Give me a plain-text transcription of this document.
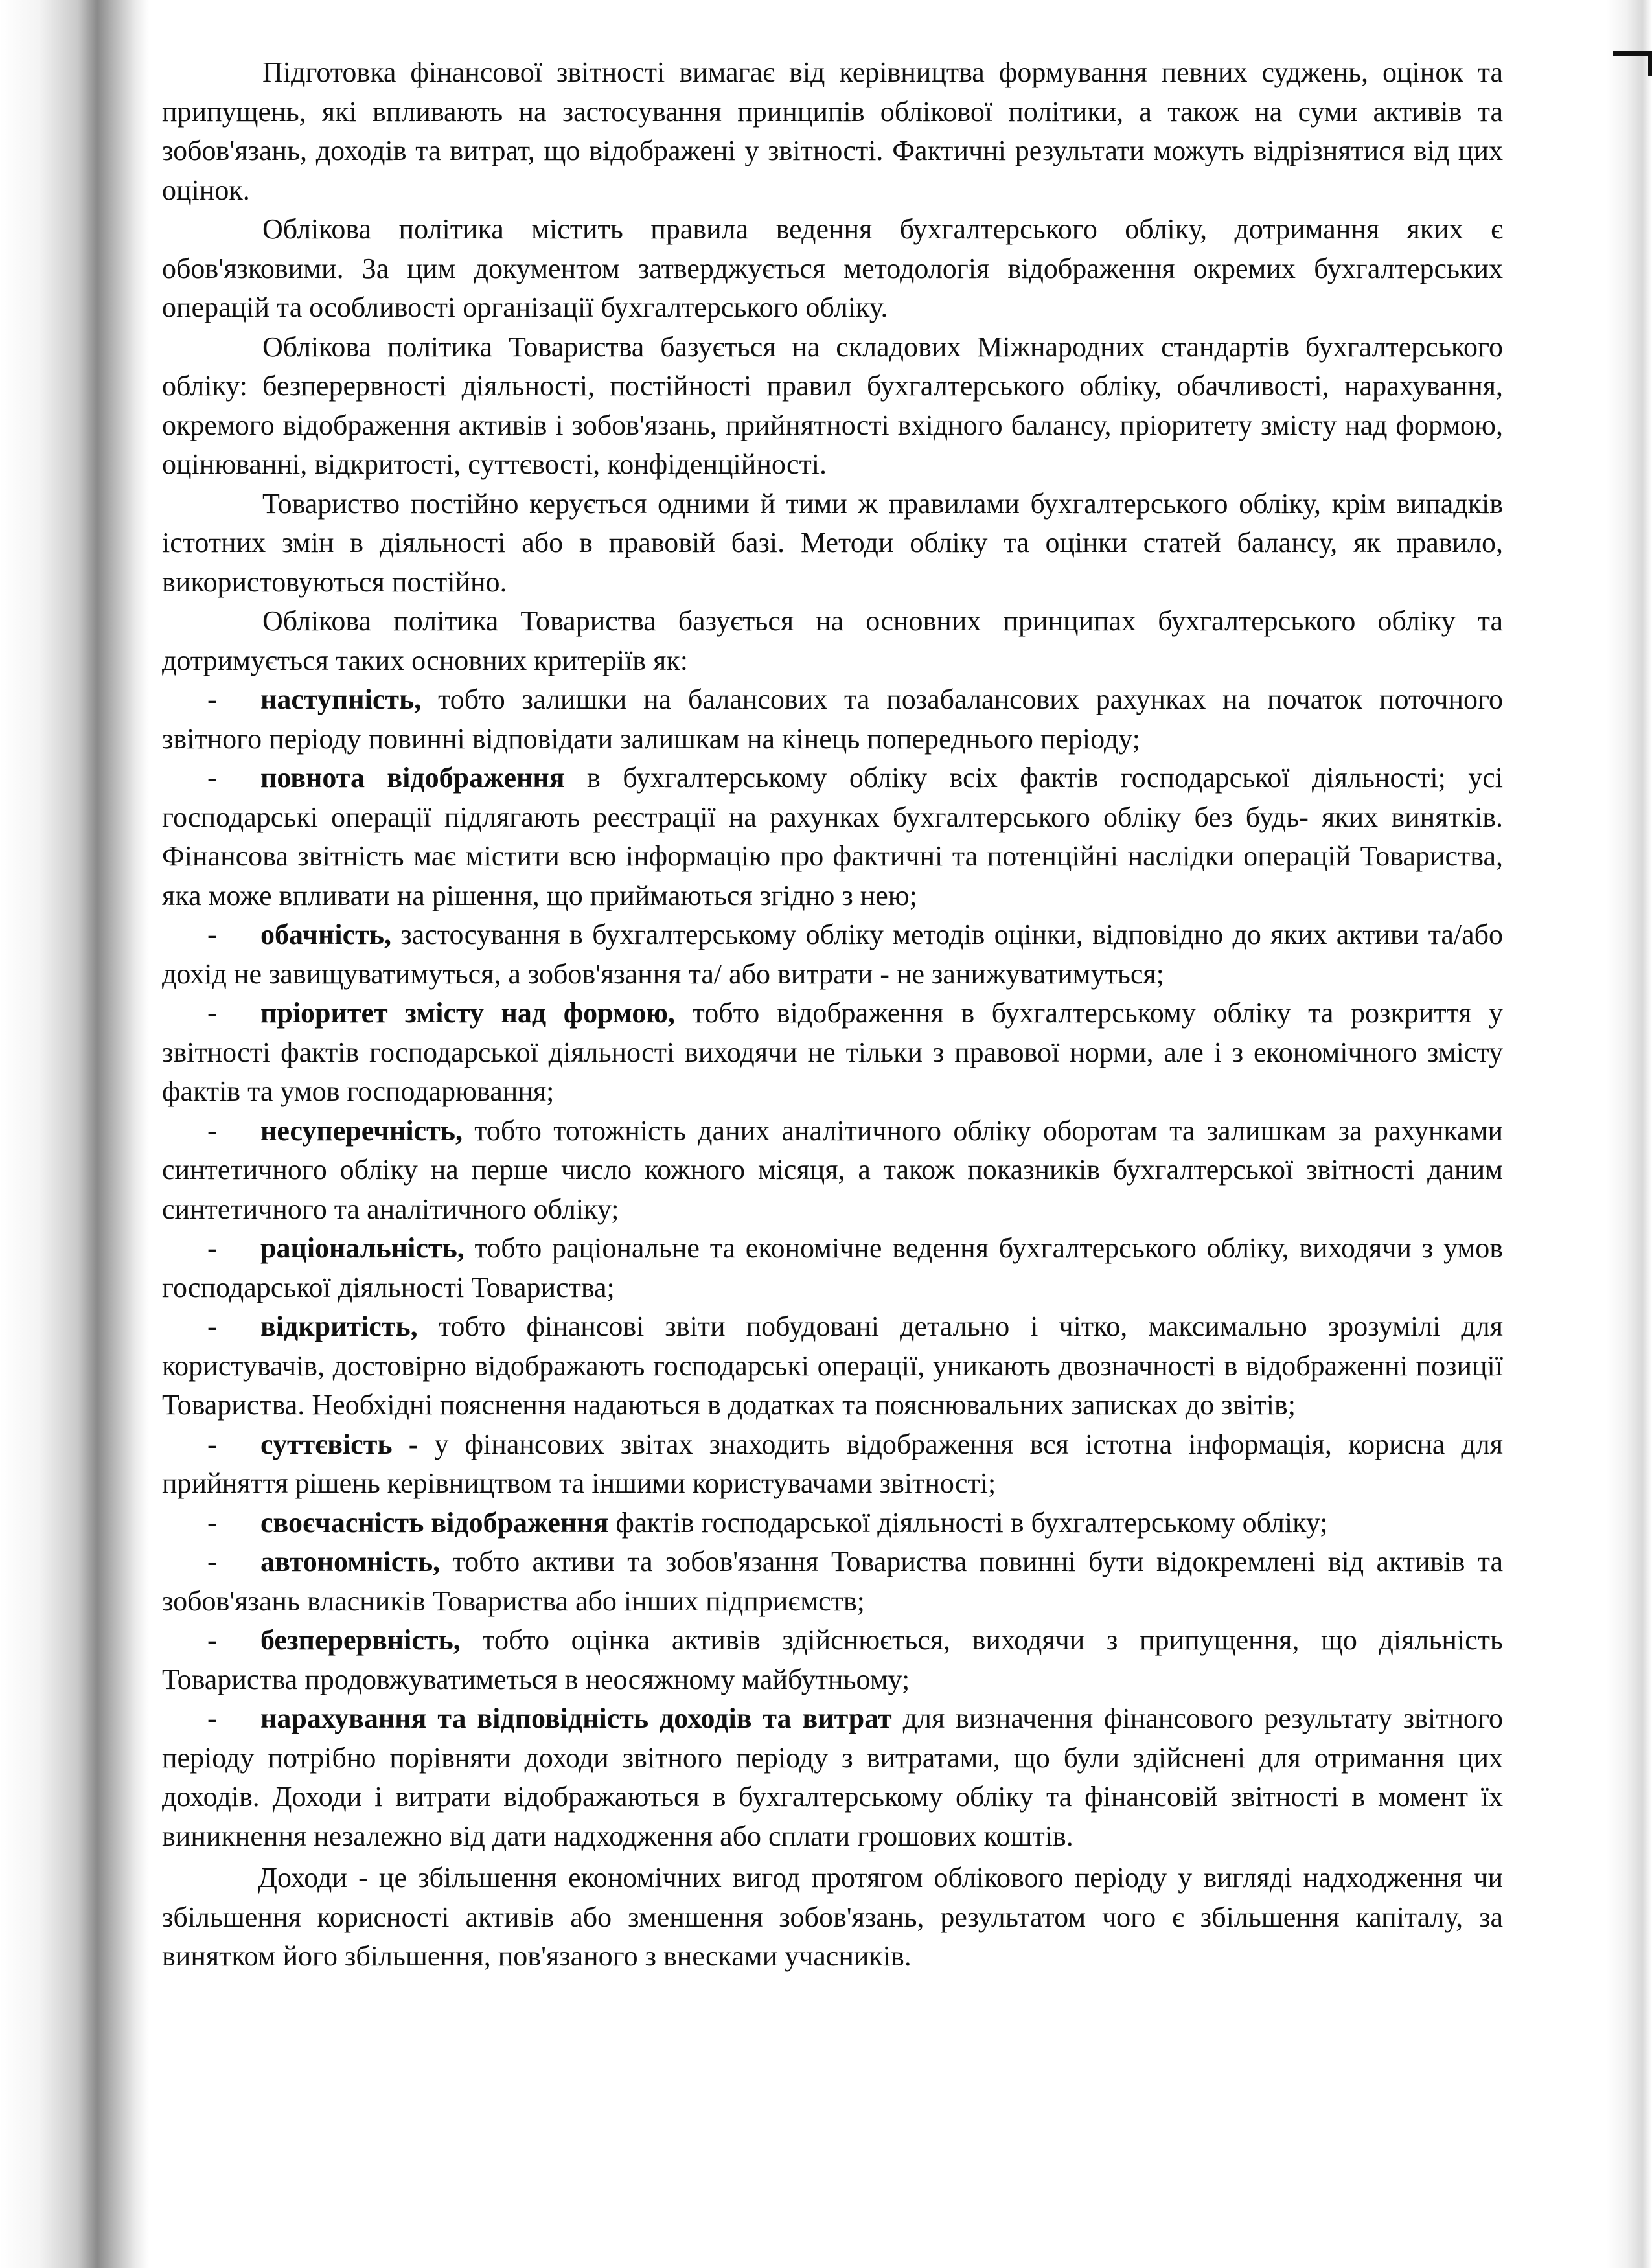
Підготовка фінансової звітності вимагає від керівництва формування певних суджень, оцінок та припущень, які впливають на застосування принципів облікової політики, а також на суми активів та зобов'язань, доходів та витрат, що відображені у звітності. Фактичні результати можуть відрізнятися від цих оцінок.

Облікова політика містить правила ведення бухгалтерського обліку, дотримання яких є обов'язковими. За цим документом затверджується методологія відображення окремих бухгалтерських операцій та особливості організації бухгалтерського обліку.

Облікова політика Товариства базується на складових Міжнародних стандартів бухгалтерського обліку: безперервності діяльності, постійності правил бухгалтерського обліку, обачливості, нарахування, окремого відображення активів і зобов'язань, прийнятності вхідного балансу, пріоритету змісту над формою, оцінюванні, відкритості, суттєвості, конфіденційності.

Товариство постійно керується одними й тими ж правилами бухгалтерського обліку, крім випадків істотних змін в діяльності або в правовій базі. Методи обліку та оцінки статей балансу, як правило, використовуються постійно.

Облікова політика Товариства базується на основних принципах бухгалтерського обліку та дотримується таких основних критеріїв як:

- наступність, тобто залишки на балансових та позабалансових рахунках на початок поточного звітного періоду повинні відповідати залишкам на кінець попереднього періоду;

- повнота відображення в бухгалтерському обліку всіх фактів господарської діяльності; усі господарські операції підлягають реєстрації на рахунках бухгалтерського обліку без будь- яких винятків. Фінансова звітність має містити всю інформацію про фактичні та потенційні наслідки операцій Товариства, яка може впливати на рішення, що приймаються згідно з нею;

- обачність, застосування в бухгалтерському обліку методів оцінки, відповідно до яких активи та/або дохід не завищуватимуться, а зобов'язання та/ або витрати - не занижуватимуться;

- пріоритет змісту над формою, тобто відображення в бухгалтерському обліку та розкриття у звітності фактів господарської діяльності виходячи не тільки з правової норми, але і з економічного змісту фактів та умов господарювання;

- несуперечність, тобто тотожність даних аналітичного обліку оборотам та залишкам за рахунками синтетичного обліку на перше число кожного місяця, а також показників бухгалтерської звітності даним синтетичного та аналітичного обліку;

- раціональність, тобто раціональне та економічне ведення бухгалтерського обліку, виходячи з умов господарської діяльності Товариства;

- відкритість, тобто фінансові звіти побудовані детально і чітко, максимально зрозумілі для користувачів, достовірно відображають господарські операції, уникають двозначності в відображенні позиції Товариства. Необхідні пояснення надаються в додатках та пояснювальних записках до звітів;

- суттєвість - у фінансових звітах знаходить відображення вся істотна інформація, корисна для прийняття рішень керівництвом та іншими користувачами звітності;

- своєчасність відображення фактів господарської діяльності в бухгалтерському обліку;

- автономність, тобто активи та зобов'язання Товариства повинні бути відокремлені від активів та зобов'язань власників Товариства або інших підприємств;

- безперервність, тобто оцінка активів здійснюється, виходячи з припущення, що діяльність Товариства продовжуватиметься в неосяжному майбутньому;

- нарахування та відповідність доходів та витрат для визначення фінансового результату звітного періоду потрібно порівняти доходи звітного періоду з витратами, що були здійснені для отримання цих доходів. Доходи і витрати відображаються в бухгалтерському обліку та фінансовій звітності в момент їх виникнення незалежно від дати надходження або сплати грошових коштів.

Доходи - це збільшення економічних вигод протягом облікового періоду у вигляді надходження чи збільшення корисності активів або зменшення зобов'язань, результатом чого є збільшення капіталу, за винятком його збільшення, пов'язаного з внесками учасників.
